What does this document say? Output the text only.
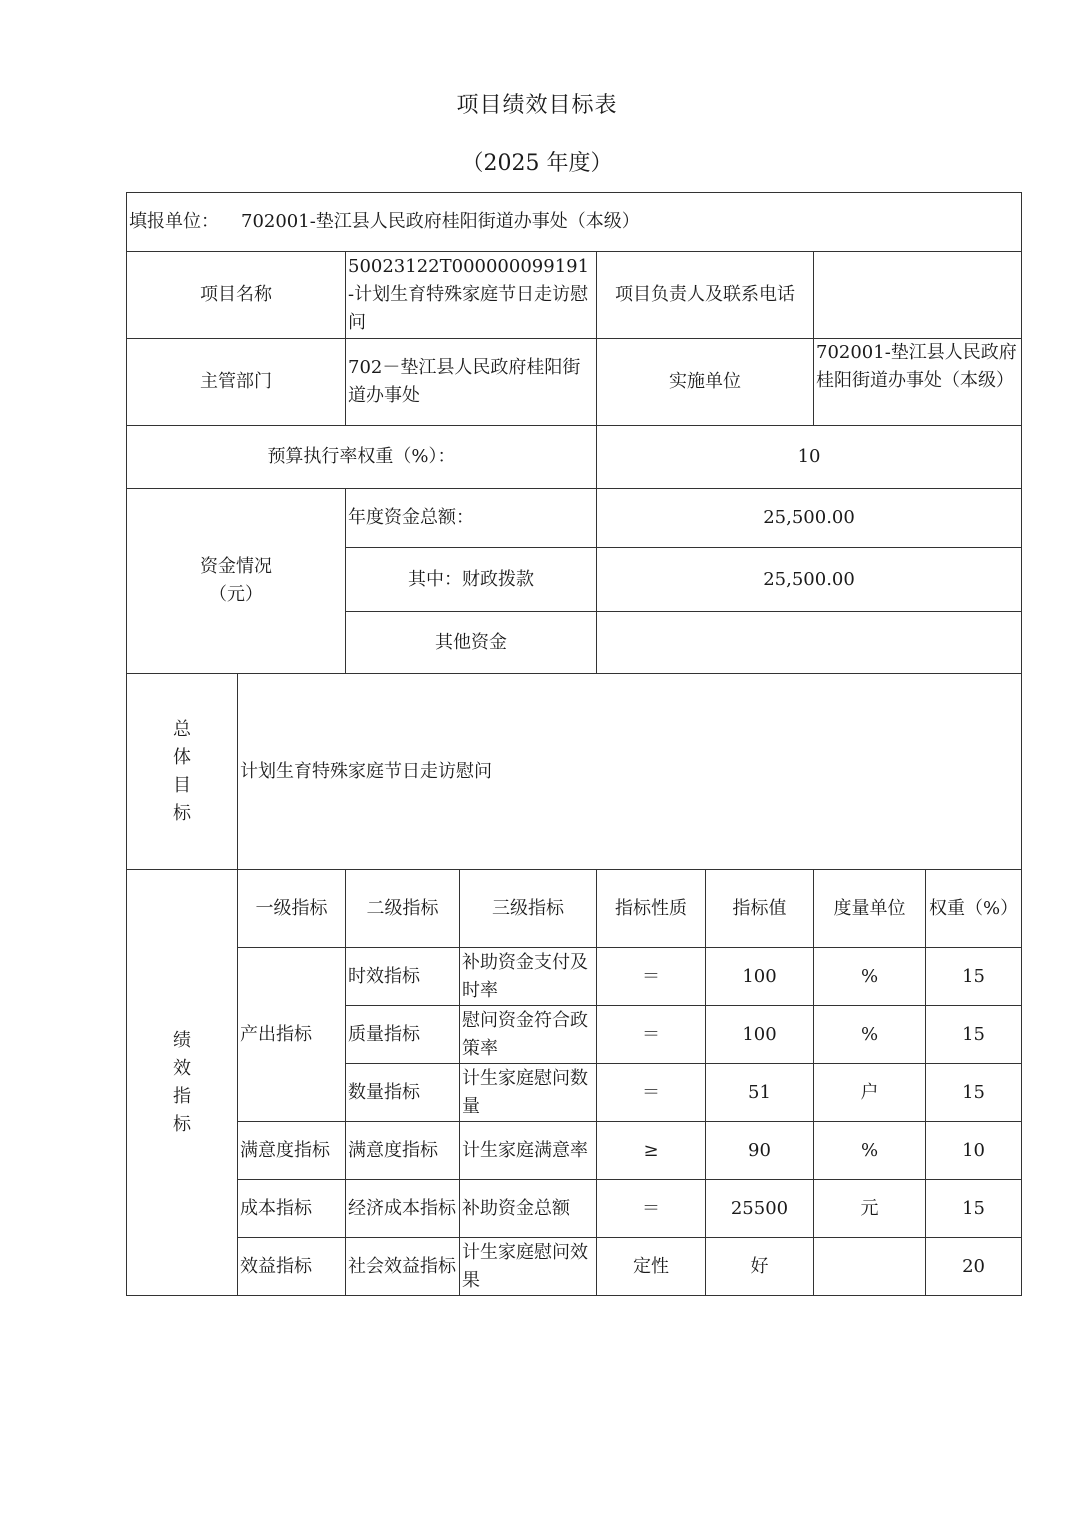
项目绩效目标表
（2025 年度）
填报单位： 702001-垫江县人民政府桂阳街道办事处（本级）							
项目名称		50023122T000000099191-计划生育特殊家庭节日走访慰问		项目负责人及联系电话			
主管部门		702－垫江县人民政府桂阳街道办事处		实施单位		702001-垫江县人民政府桂阳街道办事处（本级）	
预算执行率权重（%）：				10			

资金情况
（元）		年度资金总额：		25,500.00			
		其中：财政拨款		25,500.00			
		其他资金					

总
体
目
标	计划生育特殊家庭节日走访慰问						

绩
效
指
标	一级指标	二级指标	三级指标	指标性质	指标值	度量单位	权重（%）
	产出指标	时效指标	补助资金支付及时率	＝	100	%	15
		质量指标	慰问资金符合政策率	＝	100	%	15
		数量指标	计生家庭慰问数量	＝	51	户	15
	满意度指标	满意度指标	计生家庭满意率	≥	90	%	10
	成本指标	经济成本指标	补助资金总额	＝	25500	元	15
	效益指标	社会效益指标	计生家庭慰问效果	定性	好		20
